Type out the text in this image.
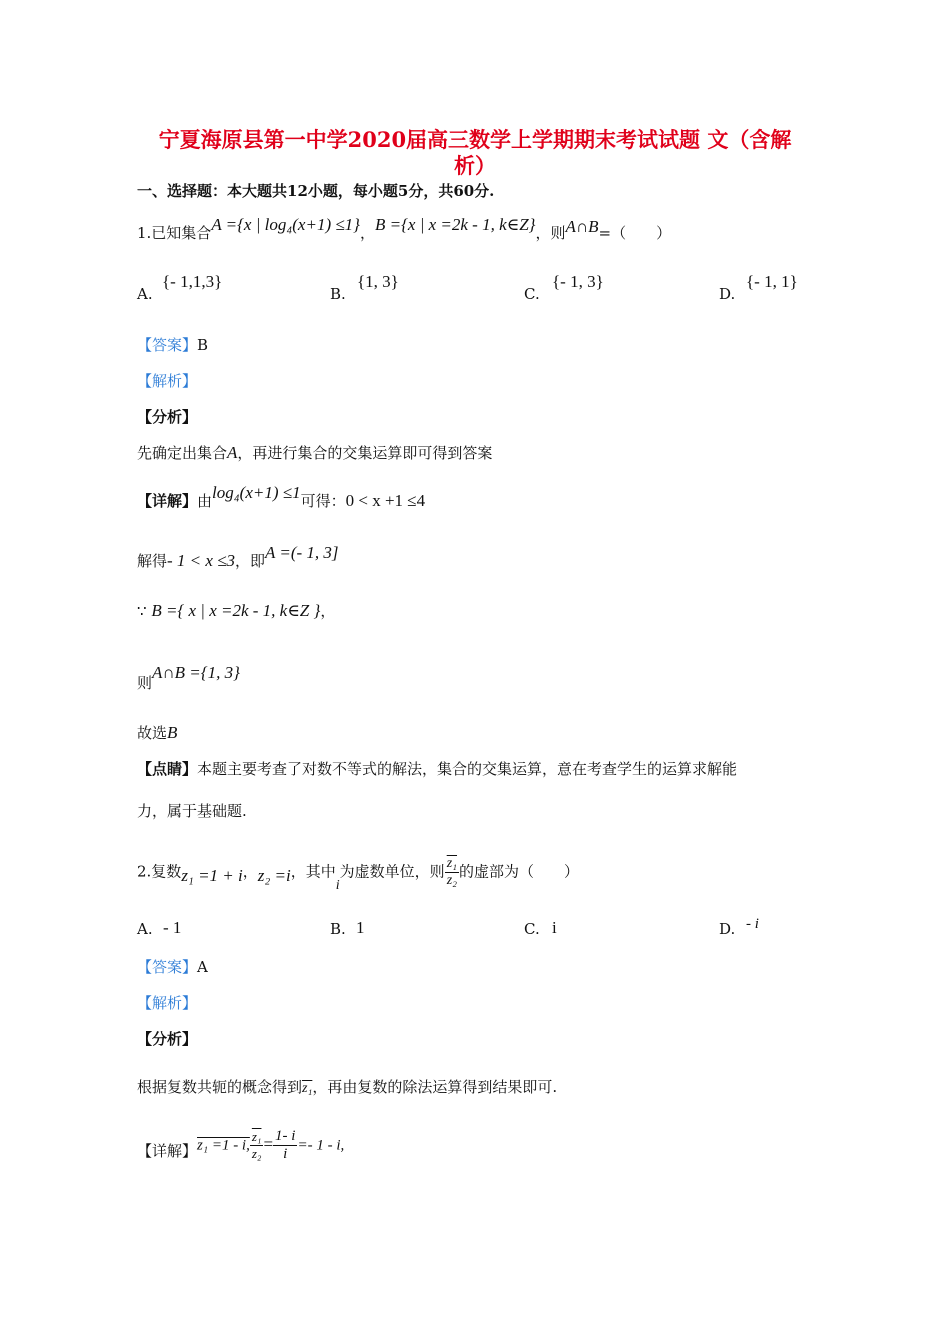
宁夏海原县第一中学2020届高三数学上学期期末考试试题 文（含解
析）
一、选择题：本大题共12小题，每小题5分，共60分.
1.已知集合A ={x | log₄(x+1) ≤1}，B ={x | x =2k - 1, k∈Z}，则A∩B=（　　）
A.
{- 1,1,3}
B.
{1, 3}
C.
{- 1, 3}
D.
{- 1, 1}
【答案】B
【解析】
【分析】
先确定出集合A，再进行集合的交集运算即可得到答案
【详解】由log₄(x+1) ≤1可得：0 < x +1 ≤4
解得- 1 < x ≤3，即A =(- 1, 3]
∵ B ={ x | x =2k - 1, k∈Z }，
则A∩B ={1, 3}
故选B
【点睛】本题主要考查了对数不等式的解法，集合的交集运算，意在考查学生的运算求解能
力，属于基础题.
2.复数z₁ =1 + i，z₂ =i，其中i为虚数单位，则 $\frac{\text{z₁}}{\text{z₂}}$ 的虚部为（　　）
A. - 1	B. 1	C. i	D. - i
【答案】A
【解析】
【分析】
根据复数共轭的概念得到z₁，再由复数的除法运算得到结果即可.
【详解】z₁ =1 - i, $\frac{\text{z₁}}{\text{z₂}} = \frac{1- i}{i} =- 1 - i$,
